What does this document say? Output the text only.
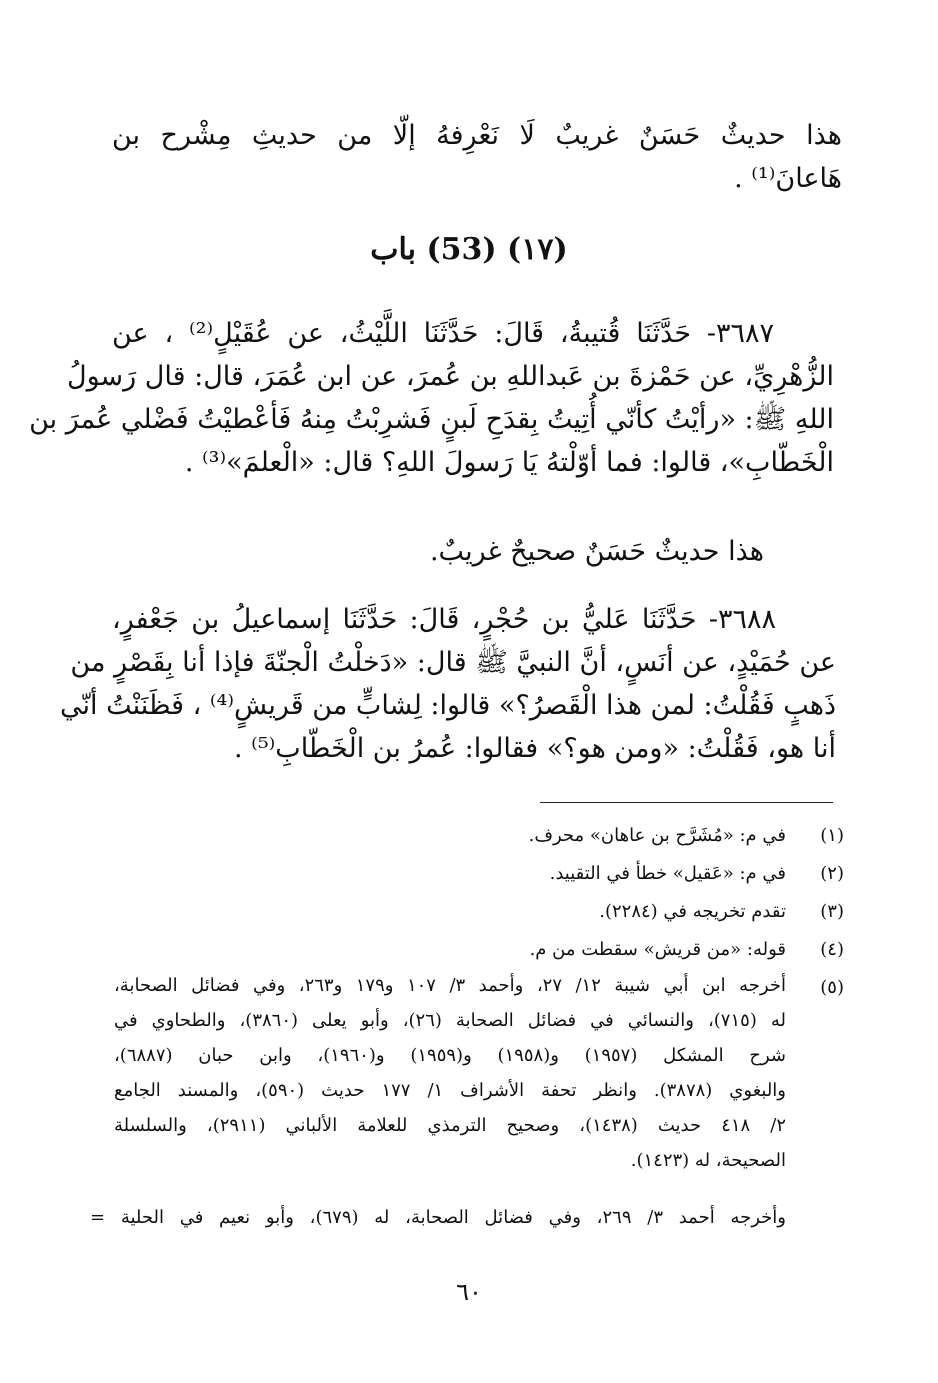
هذا حديثٌ حَسَنٌ غريبٌ لَا نَعْرِفهُ إلّا من حديثِ مِشْرح بن
هَاعانَ⁽¹⁾ .
(١٧) (53) باب
٣٦٨٧- حَدَّثَنَا قُتيبةُ، قَالَ: حَدَّثَنَا اللَّيْثُ، عن عُقَيْلٍ⁽²⁾ ، عن
الزُّهْرِيِّ، عن حَمْزةَ بن عَبداللهِ بن عُمرَ، عن ابن عُمَرَ، قال: قال رَسولُ
اللهِ ﷺ: «رأيْتُ كأنّي أُتِيتُ بِقدَحِ لَبنٍ فَشرِبْتُ مِنهُ فَأعْطيْتُ فَضْلي عُمرَ بن
الْخَطّابِ»، قالوا: فما أوّلْتهُ يَا رَسولَ اللهِ؟ قال: «الْعلمَ»⁽³⁾ .
هذا حديثٌ حَسَنٌ صحيحٌ غريبٌ.
٣٦٨٨- حَدَّثَنَا عَليُّ بن حُجْرٍ، قَالَ: حَدَّثَنَا إسماعيلُ بن جَعْفرٍ،
عن حُمَيْدٍ، عن أنَسٍ، أنَّ النبيَّ ﷺ قال: «دَخلْتُ الْجنّةَ فإذا أنا بِقَصْرٍ من
ذَهبٍ فَقُلْتُ: لمن هذا الْقَصرُ؟» قالوا: لِشابٍّ من قَريشٍ⁽⁴⁾ ، فَظَنَنْتُ أنّي
أنا هو، فَقُلْتُ: «ومن هو؟» فقالوا: عُمرُ بن الْخَطّابِ⁽⁵⁾ .
(١)
في م: «مُشَرَّح بن عاهان» محرف.
(٢)
في م: «عَقيل» خطأ في التقييد.
(٣)
تقدم تخريجه في (٢٢٨٤).
(٤)
قوله: «من قريش» سقطت من م.
(٥)
أخرجه ابن أبي شيبة ١٢/ ٢٧، وأحمد ٣/ ١٠٧ و١٧٩ و٢٦٣، وفي فضائل الصحابة،
له (٧١٥)، والنسائي في فضائل الصحابة (٢٦)، وأبو يعلى (٣٨٦٠)، والطحاوي في
شرح المشكل (١٩٥٧) و(١٩٥٨) و(١٩٥٩) و(١٩٦٠)، وابن حبان (٦٨٨٧)،
والبغوي (٣٨٧٨). وانظر تحفة الأشراف ١/ ١٧٧ حديث (٥٩٠)، والمسند الجامع
٢/ ٤١٨ حديث (١٤٣٨)، وصحيح الترمذي للعلامة الألباني (٢٩١١)، والسلسلة
الصحيحة، له (١٤٢٣).
وأخرجه أحمد ٣/ ٢٦٩، وفي فضائل الصحابة، له (٦٧٩)، وأبو نعيم في الحلية =
٦٠
